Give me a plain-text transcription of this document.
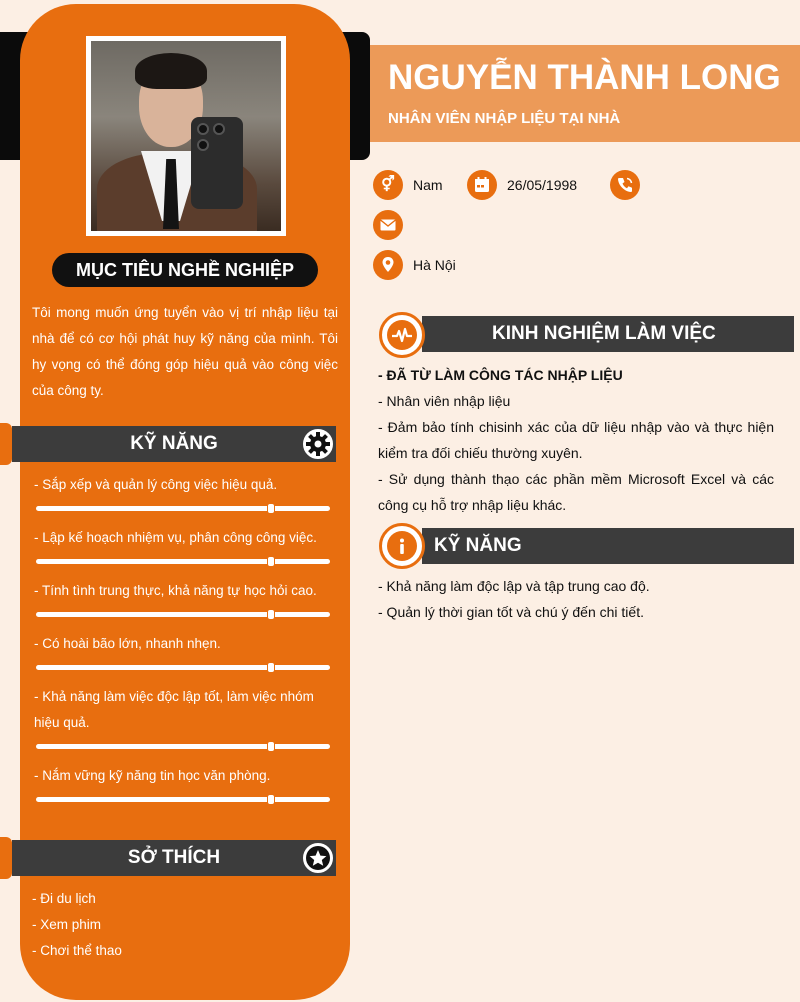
MỤC TIÊU NGHỀ NGHIỆP
Tôi mong muốn ứng tuyển vào vị trí nhập liệu tại nhà để có cơ hội phát huy kỹ năng của mình. Tôi hy vọng có thể đóng góp hiệu quả vào công việc của công ty.
KỸ NĂNG
- Sắp xếp và quản lý công việc hiệu quả.
- Lập kế hoạch nhiệm vụ, phân công công việc.
- Tính tình trung thực, khả năng tự học hỏi cao.
- Có hoài bão lớn, nhanh nhẹn.
- Khả năng làm việc độc lập tốt, làm việc nhóm hiệu quả.
- Nắm vững kỹ năng tin học văn phòng.
SỞ THÍCH
- Đi du lịch
- Xem phim
- Chơi thể thao
NGUYỄN THÀNH LONG
NHÂN VIÊN NHẬP LIỆU TẠI NHÀ
⚥	Nam	26/05/1998
Hà Nội
KINH NGHIỆM LÀM VIỆC
- ĐÃ TỪ LÀM CÔNG TÁC NHẬP LIỆU
- Nhân viên nhập liệu
- Đảm bảo tính chisinh xác của dữ liệu nhập vào và thực hiện kiểm tra đối chiếu thường xuyên.
- Sử dụng thành thạo các phần mềm Microsoft Excel và các công cụ hỗ trợ nhập liệu khác.
KỸ NĂNG
- Khả năng làm độc lập và tập trung cao độ.
- Quản lý thời gian tốt và chú ý đến chi tiết.
